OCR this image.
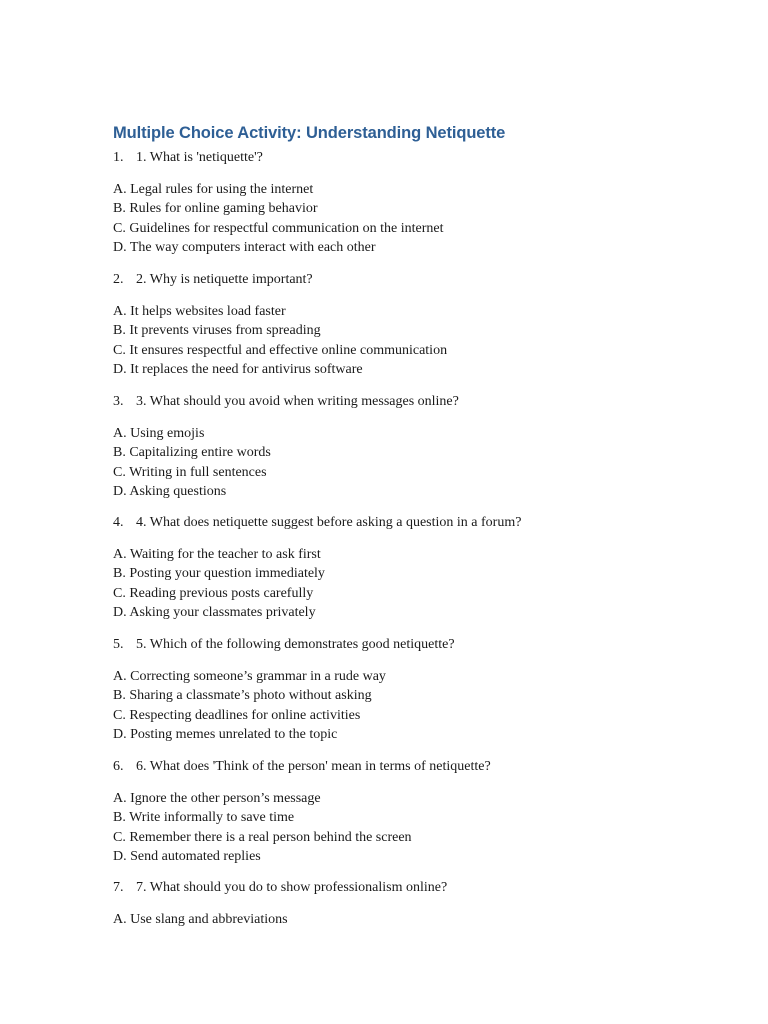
Multiple Choice Activity: Understanding Netiquette
1. 1. What is 'netiquette'?
A. Legal rules for using the internet
B. Rules for online gaming behavior
C. Guidelines for respectful communication on the internet
D. The way computers interact with each other
2. 2. Why is netiquette important?
A. It helps websites load faster
B. It prevents viruses from spreading
C. It ensures respectful and effective online communication
D. It replaces the need for antivirus software
3. 3. What should you avoid when writing messages online?
A. Using emojis
B. Capitalizing entire words
C. Writing in full sentences
D. Asking questions
4. 4. What does netiquette suggest before asking a question in a forum?
A. Waiting for the teacher to ask first
B. Posting your question immediately
C. Reading previous posts carefully
D. Asking your classmates privately
5. 5. Which of the following demonstrates good netiquette?
A. Correcting someone’s grammar in a rude way
B. Sharing a classmate’s photo without asking
C. Respecting deadlines for online activities
D. Posting memes unrelated to the topic
6. 6. What does 'Think of the person' mean in terms of netiquette?
A. Ignore the other person’s message
B. Write informally to save time
C. Remember there is a real person behind the screen
D. Send automated replies
7. 7. What should you do to show professionalism online?
A. Use slang and abbreviations
